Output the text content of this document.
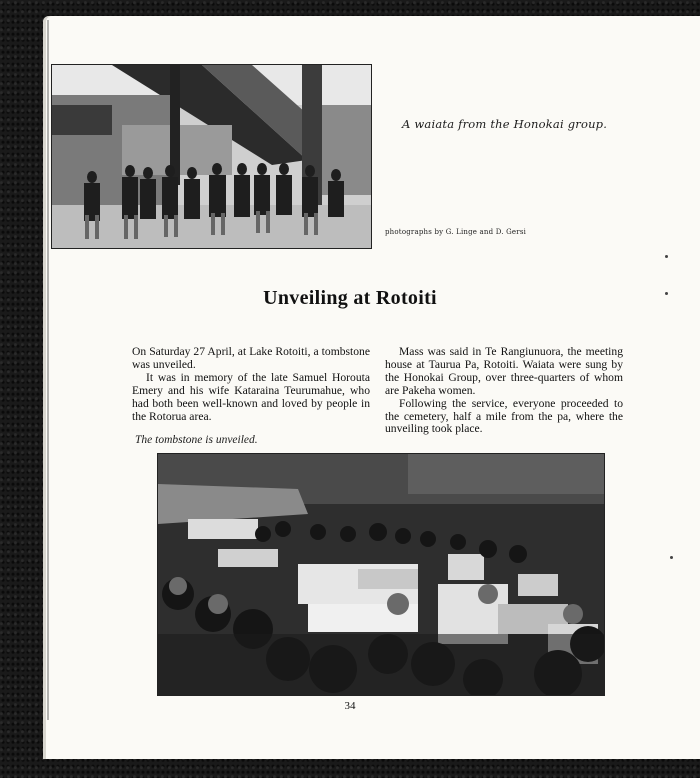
A waiata from the Honokai group.
photographs by G. Linge and D. Gersi
Unveiling at Rotoiti

On Saturday 27 April, at Lake Rotoiti, a tombstone was unveiled.

It was in memory of the late Samuel Horouta Emery and his wife Kataraina Teurumahue, who had both been well-known and loved by people in the Rotorua area.

Mass was said in Te Rangiunuora, the meeting house at Taurua Pa, Rotoiti. Waiata were sung by the Honokai Group, over three-quarters of whom are Pakeha women.

Following the service, everyone proceeded to the cemetery, half a mile from the pa, where the unveiling took place.

The tombstone is unveiled.
34
